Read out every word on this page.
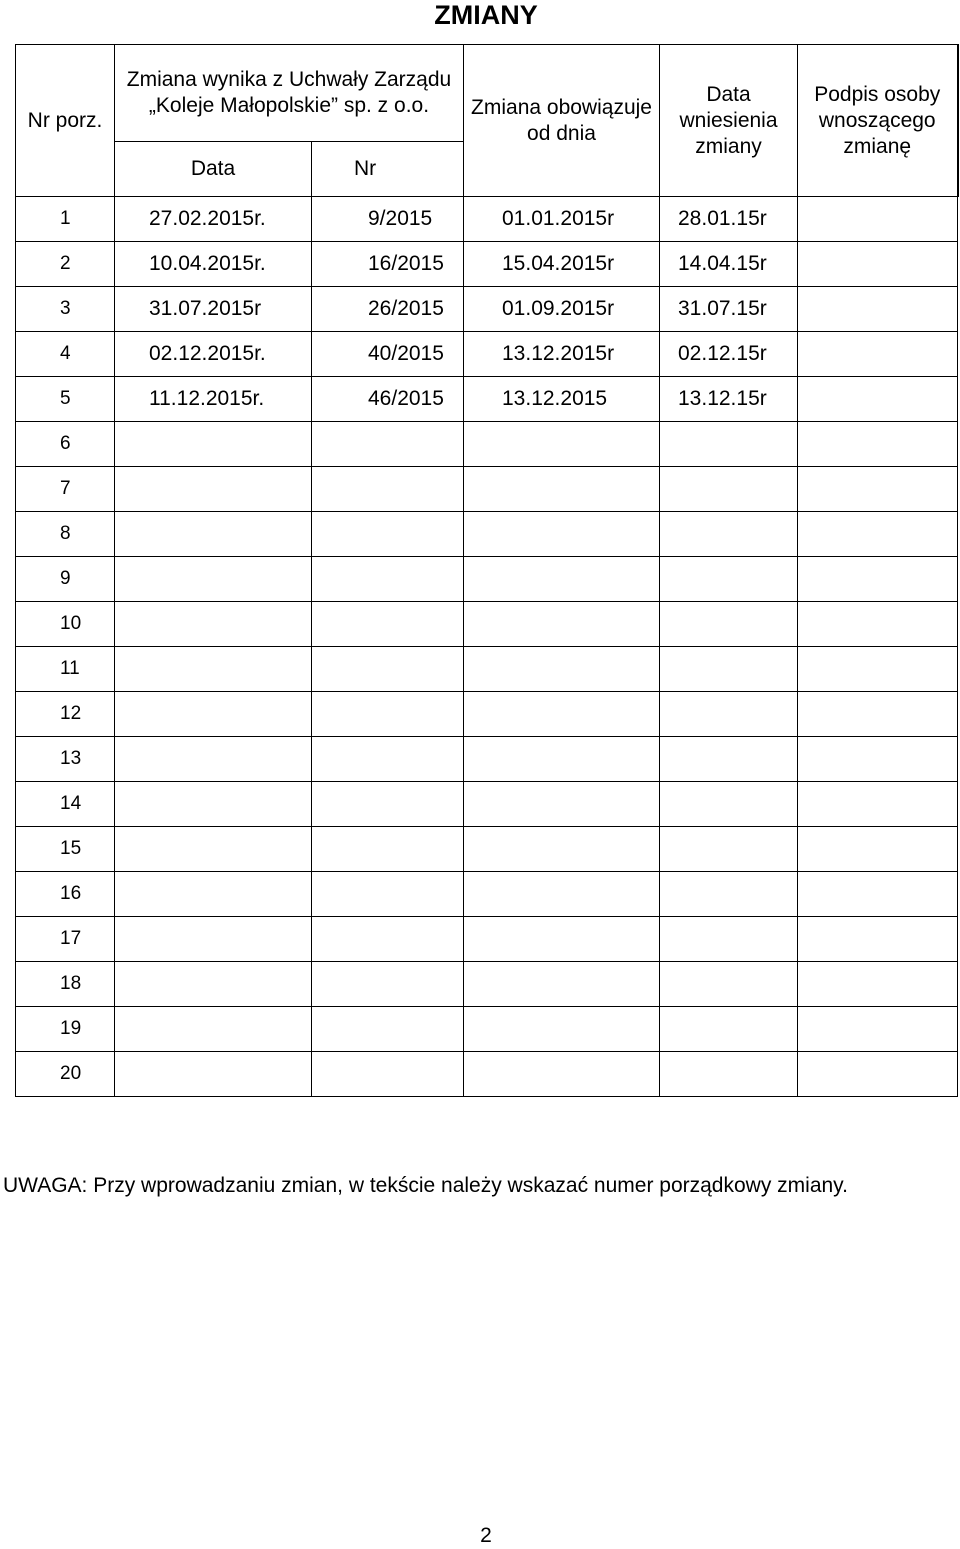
ZMIANY
Nr porz.	Zmiana wynika z Uchwały Zarządu „Koleje Małopolskie” sp. z o.o.		Zmiana obowiązuje od dnia	Data wniesienia zmiany	Podpis osoby wnoszącego zmianę
	Data	Nr			
1	27.02.2015r.	9/2015	01.01.2015r	28.01.15r	
2	10.04.2015r.	16/2015	15.04.2015r	14.04.15r	
3	31.07.2015r	26/2015	01.09.2015r	31.07.15r	
4	02.12.2015r.	40/2015	13.12.2015r	02.12.15r	
5	11.12.2015r.	46/2015	13.12.2015	13.12.15r	
6					
7					
8					
9					
10					
11					
12					
13					
14					
15					
16					
17					
18					
19					
20					
UWAGA: Przy wprowadzaniu zmian, w tekście należy wskazać numer porządkowy zmiany.
2
